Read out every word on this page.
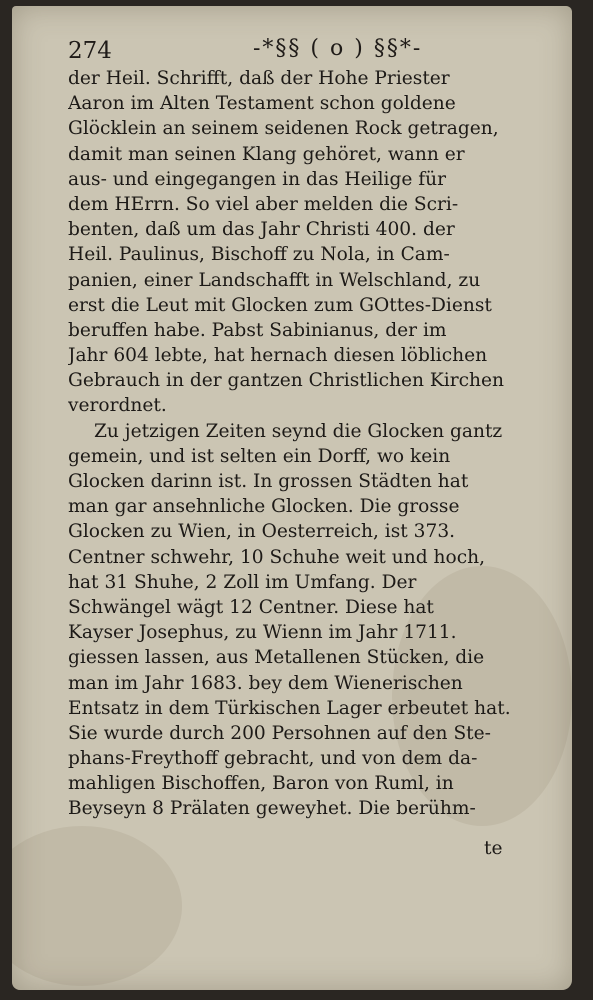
274	-*§§ ( o ) §§*-
der Heil. Schrifft, daß der Hohe Priester
Aaron im Alten Testament schon goldene
Glöcklein an seinem seidenen Rock getragen,
damit man seinen Klang gehöret, wann er
aus- und eingegangen in das Heilige für
dem HErrn. So viel aber melden die Scri-
benten, daß um das Jahr Christi 400. der
Heil. Paulinus, Bischoff zu Nola, in Cam-
panien, einer Landschafft in Welschland, zu
erst die Leut mit Glocken zum GOttes-Dienst
beruffen habe. Pabst Sabinianus, der im
Jahr 604 lebte, hat hernach diesen löblichen
Gebrauch in der gantzen Christlichen Kirchen
verordnet.
Zu jetzigen Zeiten seynd die Glocken gantz
gemein, und ist selten ein Dorff, wo kein
Glocken darinn ist. In grossen Städten hat
man gar ansehnliche Glocken. Die grosse
Glocken zu Wien, in Oesterreich, ist 373.
Centner schwehr, 10 Schuhe weit und hoch,
hat 31 Shuhe, 2 Zoll im Umfang. Der
Schwängel wägt 12 Centner. Diese hat
Kayser Josephus, zu Wienn im Jahr 1711.
giessen lassen, aus Metallenen Stücken, die
man im Jahr 1683. bey dem Wienerischen
Entsatz in dem Türkischen Lager erbeutet hat.
Sie wurde durch 200 Persohnen auf den Ste-
phans-Freythoff gebracht, und von dem da-
mahligen Bischoffen, Baron von Ruml, in
Beyseyn 8 Prälaten geweyhet. Die berühm-
te
